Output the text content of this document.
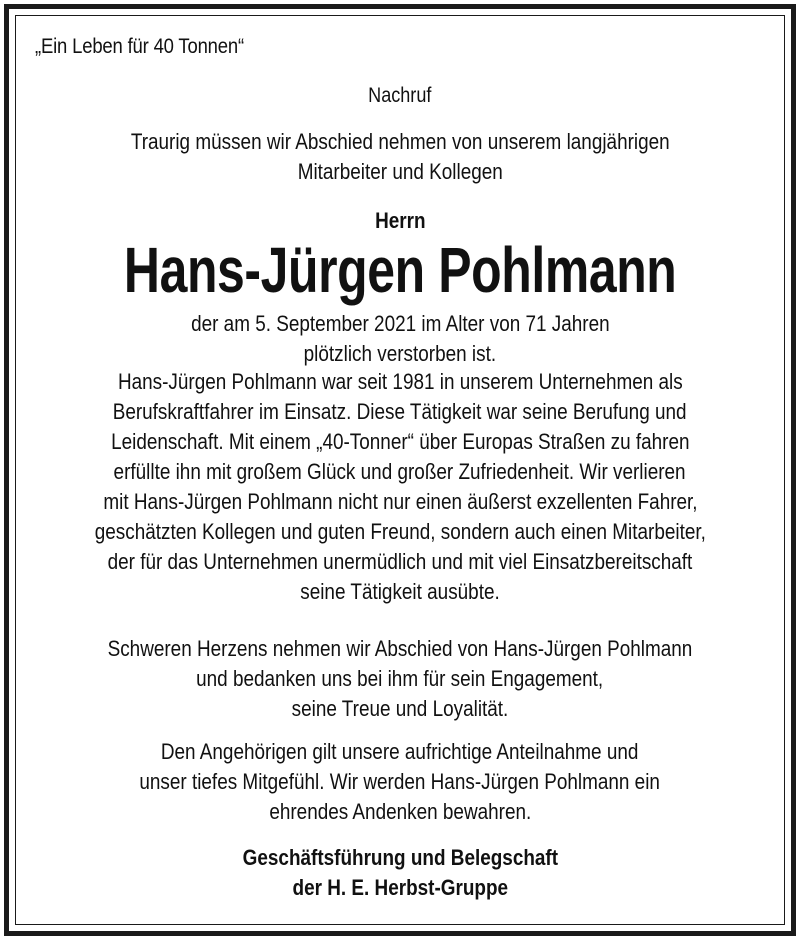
„Ein Leben für 40 Tonnen“
Nachruf
Traurig müssen wir Abschied nehmen von unserem langjährigen
Mitarbeiter und Kollegen
Herrn
Hans-Jürgen Pohlmann
der am 5. September 2021 im Alter von 71 Jahren
plötzlich verstorben ist.
Hans-Jürgen Pohlmann war seit 1981 in unserem Unternehmen als
Berufskraftfahrer im Einsatz. Diese Tätigkeit war seine Berufung und
Leidenschaft. Mit einem „40-Tonner“ über Europas Straßen zu fahren
erfüllte ihn mit großem Glück und großer Zufriedenheit. Wir verlieren
mit Hans-Jürgen Pohlmann nicht nur einen äußerst exzellenten Fahrer,
geschätzten Kollegen und guten Freund, sondern auch einen Mitarbeiter,
der für das Unternehmen unermüdlich und mit viel Einsatzbereitschaft
seine Tätigkeit ausübte.
Schweren Herzens nehmen wir Abschied von Hans-Jürgen Pohlmann
und bedanken uns bei ihm für sein Engagement,
seine Treue und Loyalität.
Den Angehörigen gilt unsere aufrichtige Anteilnahme und
unser tiefes Mitgefühl. Wir werden Hans-Jürgen Pohlmann ein
ehrendes Andenken bewahren.
Geschäftsführung und Belegschaft
der H. E. Herbst-Gruppe
